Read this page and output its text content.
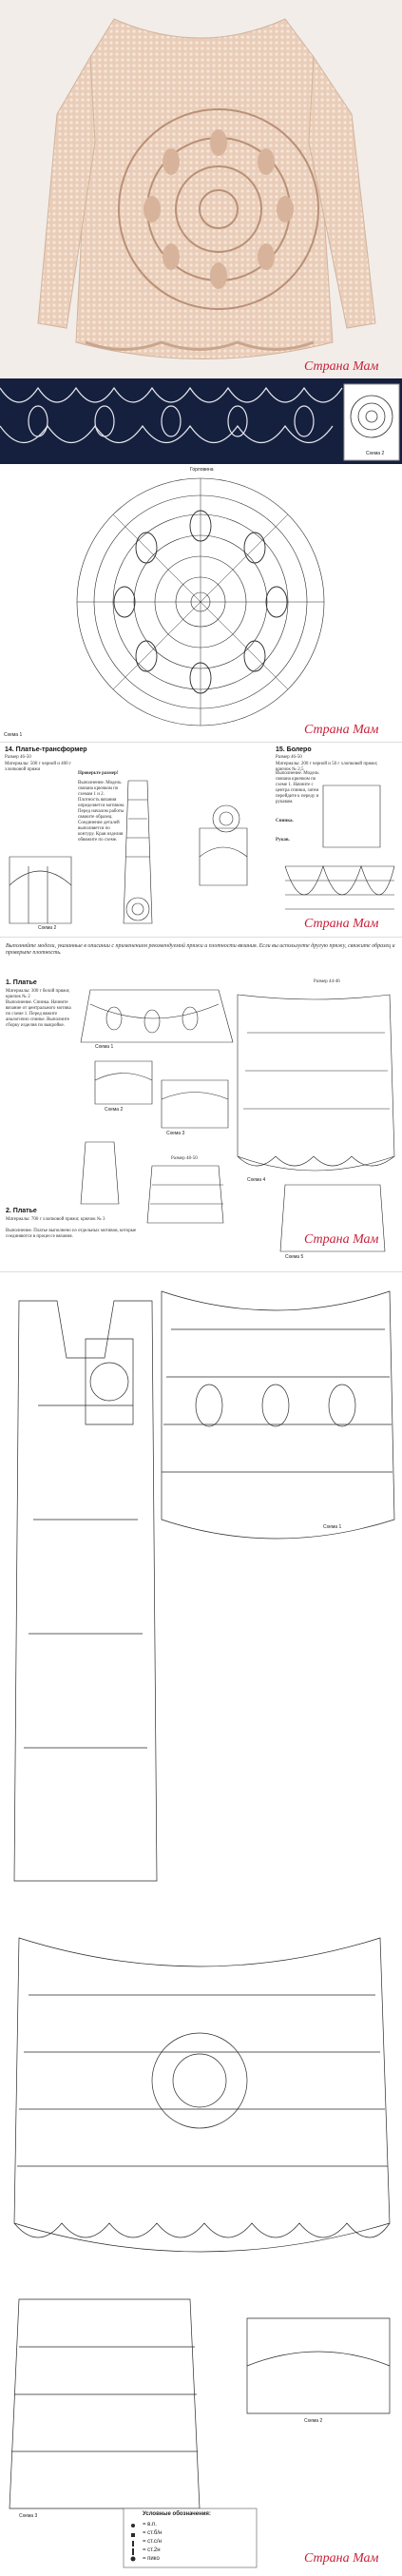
Страна Мам
Схема 2
Горловина
Схема 1	Страна Мам
14. Платье-трансформер
Размер 46-50
Материалы: 500 г черной и 400 г хлопковой пряжи
Проверьте размер!
Выполнение. Модель связана крючком по схемам 1 и 2. Плотность вязания определяется мотивом. Перед началом работы свяжите образец. Соединение деталей выполняется по контуру. Края изделия обвяжите по схеме.
Схема 2
15. Болеро
Размер 46-50
Материалы: 200 г черной и 50 г хлопковой пряжи; крючок № 2,5
Выполнение. Модель связана крючком по схеме 1. Начните с центра спинки, затем перейдите к переду и рукавам.
Спинка.
Рукав.
Страна Мам
Выполняйте модели, указанные в описании с применением рекомендуемой пряжи и плотности вязания. Если вы используете другую пряжу, свяжите образец и проверьте плотность.
1. Платье	Размер 44-46
Материалы: 300 г белой пряжи; крючок № 2
Выполнение. Спинка. Начните вязание от центрального мотива по схеме 1. Перед вяжите аналогично спинке. Выполните сборку изделия по выкройке.
Схема 1
Схема 2
Схема 3
Размер 48-50
Схема 4
2. Платье
Материалы: 700 г хлопковой пряжи; крючок № 3
Выполнение. Платье выполнено из отдельных мотивов, которые соединяются в процессе вязания.
Схема 5
Страна Мам
Схема 1
Схема 2
Схема 3	Условные обозначения:
= в.п.
= ст.б/н
= ст.с/н
= ст.2н
= пико	Страна Мам
